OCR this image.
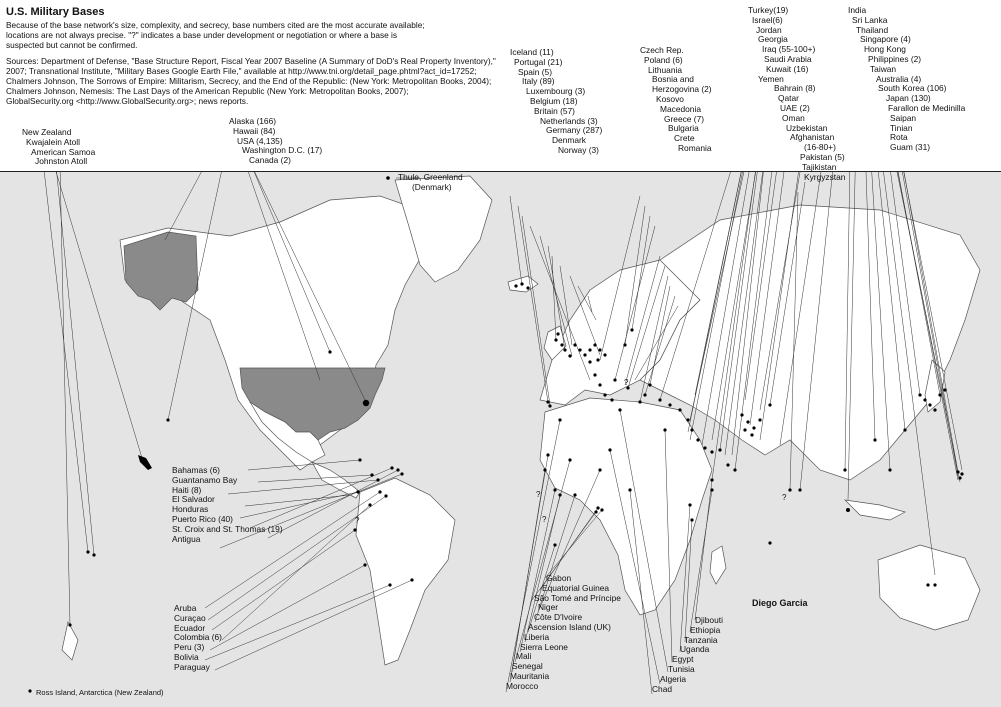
?
?
?
?
?
U.S. Military Bases
Because of the base network's size, complexity, and secrecy, base numbers cited are the most accurate available;
locations are not always precise. "?" indicates a base under development or negotiation or where a base is
suspected but cannot be confirmed.
Sources: Department of Defense, "Base Structure Report, Fiscal Year 2007 Baseline (A Summary of DoD's Real Property Inventory),"
2007; Transnational Institute, "Military Bases Google Earth File," available at http://www.tni.org/detail_page.phtml?act_id=17252;
Chalmers Johnson, The Sorrows of Empire: Militarism, Secrecy, and the End of the Republic: (New York: Metropolitan Books, 2004);
Chalmers Johnson, Nemesis: The Last Days of the American Republic (New York: Metropolitan Books, 2007);
GlobalSecurity.org <http://www.GlobalSecurity.org>; news reports.
New Zealand
Kwajalein Atoll
American Samoa
Johnston Atoll
Alaska (166)
Hawaii (84)
USA (4,135)
Washington D.C. (17)
Canada (2)
Bahamas (6)
Guantanamo Bay
Haiti (8)
El Salvador
Honduras
Puerto Rico (40)
St. Croix and St. Thomas (19)
Antigua
Aruba
Curaçao
Ecuador
Colombia (6)
Peru (3)
Bolivia
Paraguay
Iceland (11)
Portugal (21)
Spain (5)
Italy (89)
Luxembourg (3)
Belgium (18)
Britain (57)
Netherlands (3)
Germany (287)
Denmark
Norway (3)
Czech Rep.
Poland (6)
Lithuania
Bosnia and
Herzogovina (2)
Kosovo
Macedonia
Greece (7)
Bulgaria
Crete
Romania
Turkey(19)
Israel(6)
Jordan
Georgia
Iraq (55-100+)
Saudi Arabia
Kuwait (16)
Yemen
Bahrain (8)
Qatar
UAE (2)
Oman
Uzbekistan
Afghanistan
(16-80+)
Pakistan (5)
Tajikistan
Kyrgyzstan
India
Sri Lanka
Thailand
Singapore (4)
Hong Kong
Philippines (2)
Taiwan
Australia (4)
South Korea (106)
Japan (130)
Farallon de Medinilla
Saipan
Tinian
Rota
Guam (31)
Gabon
Equatorial Guinea
São Tomé and Príncipe
Niger
Côte D'Ivoire
Ascension Island (UK)
Liberia
Sierra Leone
Mali
Senegal
Mauritania
Morocco
Djibouti
Ethiopia
Tanzania
Uganda
Egypt
Tunisia
Algeria
Chad
Thule, Greenland
(Denmark)
Diego Garcia
Ross Island, Antarctica (New Zealand)
